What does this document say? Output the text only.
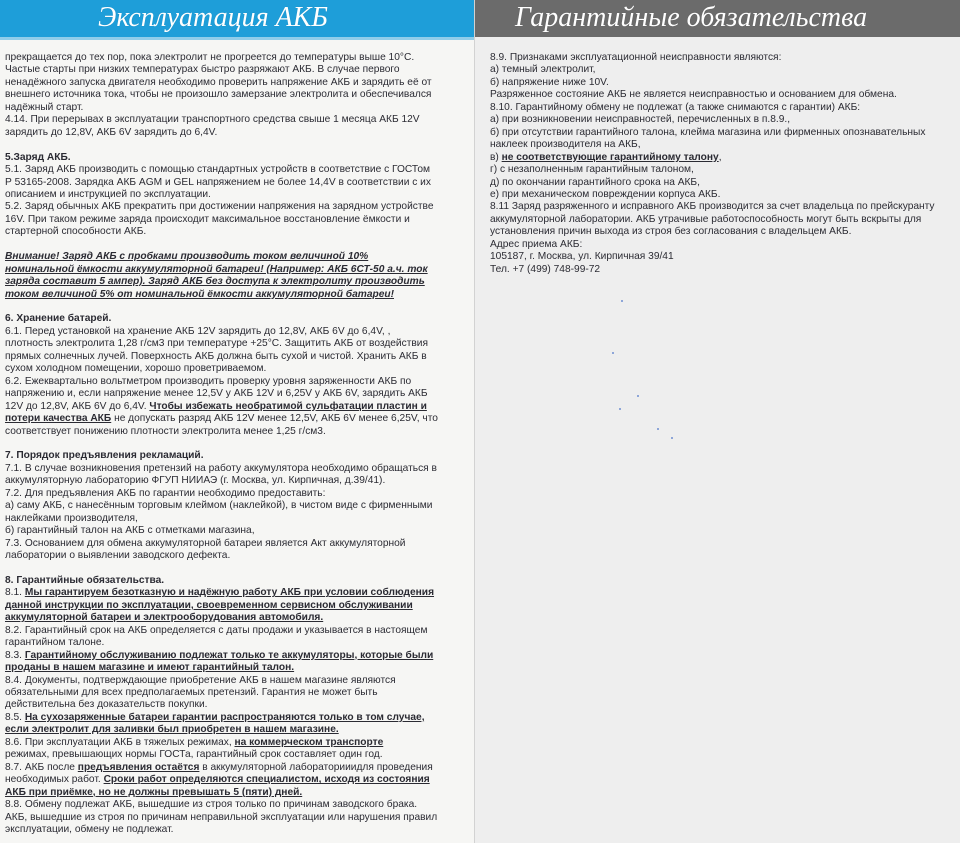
Эксплуатация АКБ
прекращается до тех пор, пока электролит не прогреется до температуры выше 10°С.
Частые старты при низких температурах быстро разряжают АКБ. В случае первого
ненадёжного запуска двигателя необходимо проверить напряжение АКБ и зарядить её от
внешнего источника тока, чтобы не произошло замерзание электролита и обеспечивался
надёжный старт.
4.14. При перерывах в эксплуатации транспортного средства свыше 1 месяца АКБ 12V
зарядить до 12,8V, АКБ 6V зарядить до 6,4V.
5.Заряд АКБ.
5.1. Заряд АКБ производить с помощью стандартных устройств в соответствие с ГОСТом
Р 53165-2008. Зарядка АКБ AGM и GEL напряжением не более 14,4V в соответствии с их
описанием и инструкцией по эксплуатации.
5.2. Заряд обычных АКБ прекратить при достижении напряжения на зарядном устройстве
16V. При таком режиме заряда происходит максимальное восстановление ёмкости и
стартерной способности АКБ.
Внимание! Заряд АКБ с пробками производить током величиной 10%
номинальной ёмкости аккумуляторной батареи! (Например: АКБ 6СТ-50 а.ч. ток
заряда составит 5 ампер). Заряд АКБ без доступа к электролиту производить
током величиной 5% от номинальной ёмкости аккумуляторной батареи!
6. Хранение батарей.
6.1. Перед установкой на хранение АКБ 12V зарядить до 12,8V, АКБ 6V до 6,4V, ,
плотность электролита 1,28 г/см3 при температуре +25°С. Защитить АКБ от воздействия
прямых солнечных лучей. Поверхность АКБ должна быть сухой и чистой. Хранить АКБ в
сухом холодном помещении, хорошо проветриваемом.
6.2. Ежеквартально вольтметром производить проверку уровня заряженности АКБ по
напряжению и, если напряжение менее 12,5V у АКБ 12V и 6,25V у АКБ 6V, зарядить АКБ
12V до 12,8V, АКБ 6V до 6,4V. Чтобы избежать необратимой сульфатации пластин и
потери качества АКБ не допускать разряд АКБ 12V менее 12,5V, АКБ 6V менее 6,25V, что
соответствует понижению плотности электролита менее 1,25 г/см3.
7. Порядок предъявления рекламаций.
7.1. В случае возникновения претензий на работу аккумулятора необходимо обращаться в
аккумуляторную лабораторию ФГУП НИИАЭ (г. Москва, ул. Кирпичная, д.39/41).
7.2. Для предъявления АКБ по гарантии необходимо предоставить:
а) саму АКБ, с нанесённым торговым клеймом (наклейкой), в чистом виде с фирменными
наклейками производителя,
б) гарантийный талон на АКБ с отметками магазина,
7.3. Основанием для обмена аккумуляторной батареи является Акт аккумуляторной
лаборатории о выявлении заводского дефекта.
8. Гарантийные обязательства.
8.1. Мы гарантируем безотказную и надёжную работу АКБ при условии соблюдения
данной инструкции по эксплуатации, своевременном сервисном обслуживании
аккумуляторной батареи и электрооборудования автомобиля.
8.2. Гарантийный срок на АКБ определяется с даты продажи и указывается в настоящем
гарантийном талоне.
8.3. Гарантийному обслуживанию подлежат только те аккумуляторы, которые были
проданы в нашем магазине и имеют гарантийный талон.
8.4. Документы, подтверждающие приобретение АКБ в нашем магазине являются
обязательными для всех предполагаемых претензий. Гарантия не может быть
действительна без доказательств покупки.
8.5. На сухозаряженные батареи гарантии распространяются только в том случае,
если электролит для заливки был приобретен в нашем магазине.
8.6. При эксплуатации АКБ в тяжелых режимах, на коммерческом транспорте
режимах, превышающих нормы ГОСТа, гарантийный срок составляет один год.
8.7. АКБ после предъявления остаётся в аккумуляторной лабораторииидля проведения
необходимых работ. Сроки работ определяются специалистом, исходя из состояния
АКБ при приёмке, но не должны превышать 5 (пяти) дней.
8.8. Обмену подлежат АКБ, вышедшие из строя только по причинам заводского брака.
АКБ, вышедшие из строя по причинам неправильной эксплуатации или нарушения правил
эксплуатации, обмену не подлежат.
Гарантийные обязательства
8.9. Признаками эксплуатационной неисправности являются:
а) темный электролит,
б) напряжение ниже 10V.
Разряженное состояние АКБ не является неисправностью и основанием для обмена.
8.10. Гарантийному обмену не подлежат (а также снимаются с гарантии) АКБ:
а) при возникновении неисправностей, перечисленных в п.8.9.,
б) при отсутствии гарантийного талона, клейма магазина или фирменных опознавательных
наклеек производителя на АКБ,
в) не соответствующие гарантийному талону,
г) с незаполненным гарантийным талоном,
д) по окончании гарантийного срока на АКБ,
е) при механическом повреждении корпуса АКБ.
8.11 Заряд разряженного и исправного АКБ производится за счет владельца по прейскуранту
аккумуляторной лаборатории. АКБ утрачивые работоспособность могут быть вскрыты для
установления причин выхода из строя без согласования с владельцем АКБ.
Адрес приема АКБ:
105187, г. Москва, ул. Кирпичная 39/41
Тел. +7 (499) 748-99-72
